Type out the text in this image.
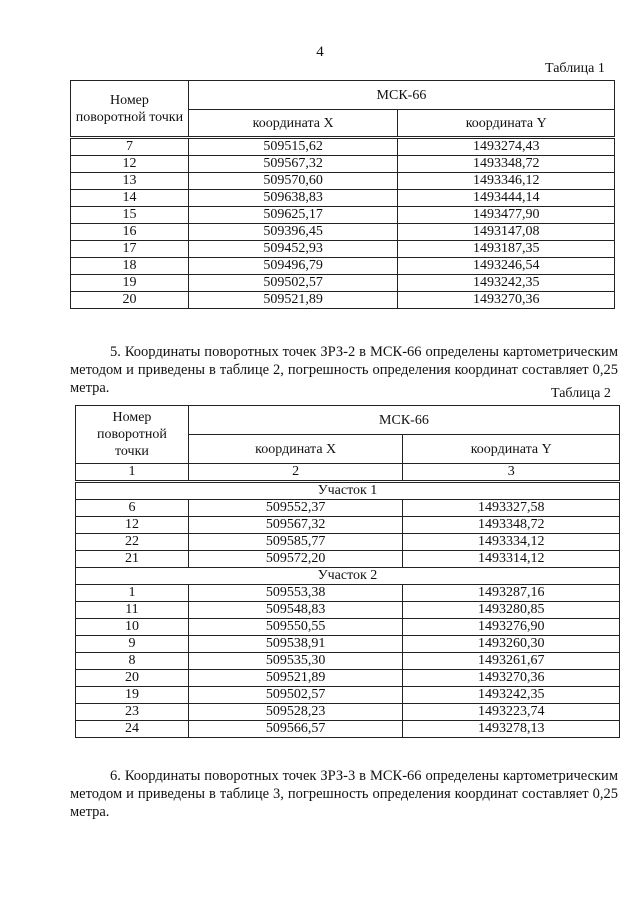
4
Таблица 1
Номер поворотной точки	МСК-66	
	координата X	координата Y
7	509515,62	1493274,43
12	509567,32	1493348,72
13	509570,60	1493346,12
14	509638,83	1493444,14
15	509625,17	1493477,90
16	509396,45	1493147,08
17	509452,93	1493187,35
18	509496,79	1493246,54
19	509502,57	1493242,35
20	509521,89	1493270,36
5. Координаты поворотных точек ЗРЗ-2 в МСК-66 определены картометрическим методом и приведены в таблице 2, погрешность определения координат составляет 0,25 метра.	Таблица 2
Номер поворотной точки	МСК-66	
	координата X	координата Y
1	2	3
Участок 1		
6	509552,37	1493327,58
12	509567,32	1493348,72
22	509585,77	1493334,12
21	509572,20	1493314,12
Участок 2		
1	509553,38	1493287,16
11	509548,83	1493280,85
10	509550,55	1493276,90
9	509538,91	1493260,30
8	509535,30	1493261,67
20	509521,89	1493270,36
19	509502,57	1493242,35
23	509528,23	1493223,74
24	509566,57	1493278,13
6. Координаты поворотных точек ЗРЗ-3 в МСК-66 определены картометрическим методом и приведены в таблице 3, погрешность определения координат составляет 0,25 метра.
